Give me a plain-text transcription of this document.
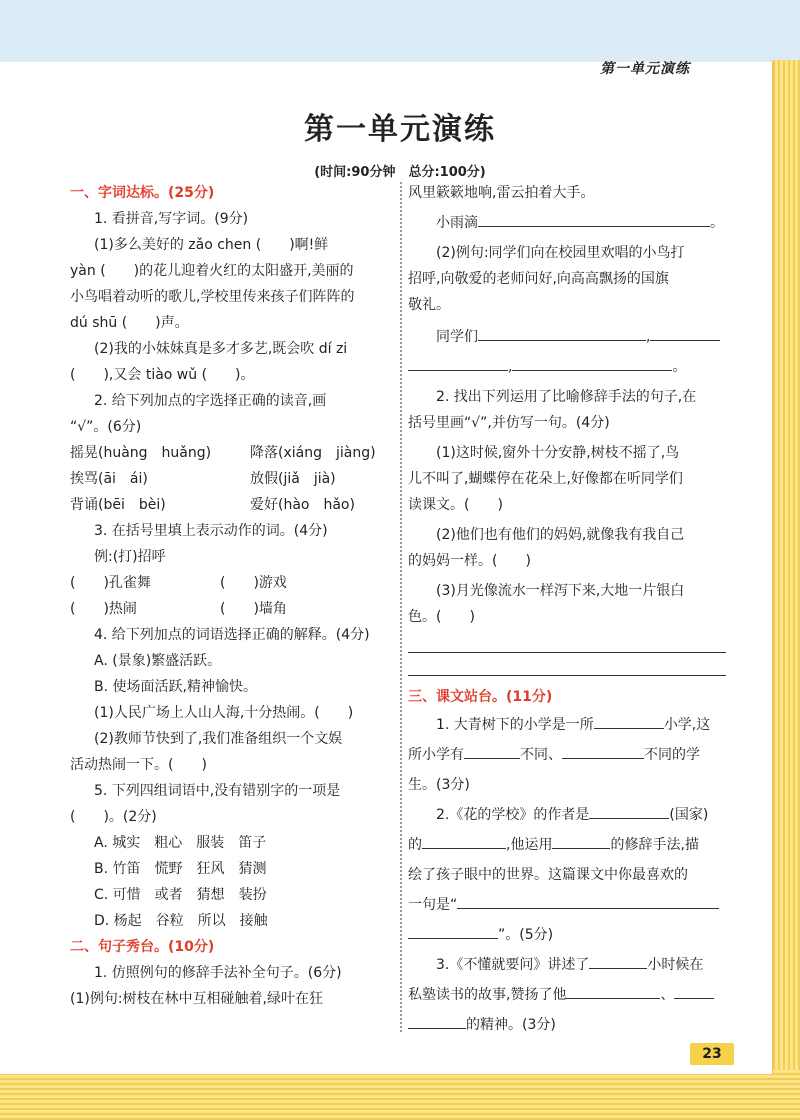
第一单元演练
第一单元演练
(时间:90分钟　总分:100分)
一、字词达标。(25分)
1. 看拼音,写字词。(9分)
(1)多么美好的 zǎo chen (　　)啊!鲜
yàn (　　)的花儿迎着火红的太阳盛开,美丽的
小鸟唱着动听的歌儿,学校里传来孩子们阵阵的
dú shū (　　)声。
(2)我的小妹妹真是多才多艺,既会吹 dí zi
(　　),又会 tiào wǔ (　　)。
2. 给下列加点的字选择正确的读音,画
“√”。(6分)
摇晃(huàng　huǎng)	降落(xiáng　jiàng)
挨骂(āi　ái)	放假(jiǎ　jià)
背诵(bēi　bèi)	爱好(hào　hǎo)
3. 在括号里填上表示动作的词。(4分)
例:(打)招呼
(　　)孔雀舞	(　　)游戏
(　　)热闹	(　　)墙角
4. 给下列加点的词语选择正确的解释。(4分)
A. (景象)繁盛活跃。
B. 使场面活跃,精神愉快。
(1)人民广场上人山人海,十分热闹。(　　)
(2)教师节快到了,我们准备组织一个文娱
活动热闹一下。(　　)
5. 下列四组词语中,没有错别字的一项是
(　　)。(2分)
A. 城实　粗心　服装　笛子
B. 竹笛　慌野　狂风　猜测
C. 可惜　或者　猜想　装扮
D. 杨起　谷粒　所以　接触
二、句子秀台。(10分)
1. 仿照例句的修辞手法补全句子。(6分)
(1)例句:树枝在林中互相碰触着,绿叶在狂
风里簌簌地响,雷云拍着大手。
小雨滴	。
(2)例句:同学们向在校园里欢唱的小鸟打
招呼,向敬爱的老师问好,向高高飘扬的国旗
敬礼。
同学们	,
,	。
2. 找出下列运用了比喻修辞手法的句子,在
括号里画“√”,并仿写一句。(4分)
(1)这时候,窗外十分安静,树枝不摇了,鸟
儿不叫了,蝴蝶停在花朵上,好像都在听同学们
读课文。(　　)
(2)他们也有他们的妈妈,就像我有我自己
的妈妈一样。(　　)
(3)月光像流水一样泻下来,大地一片银白
色。(　　)
三、课文站台。(11分)
1. 大青树下的小学是一所	小学,这
所小学有	不同、	不同的学
生。(3分)
2.《花的学校》的作者是	(国家)
的	,他运用	的修辞手法,描
绘了孩子眼中的世界。这篇课文中你最喜欢的
一句是“
”。(5分)
3.《不懂就要问》讲述了	小时候在
私塾读书的故事,赞扬了他	、
的精神。(3分)
23
